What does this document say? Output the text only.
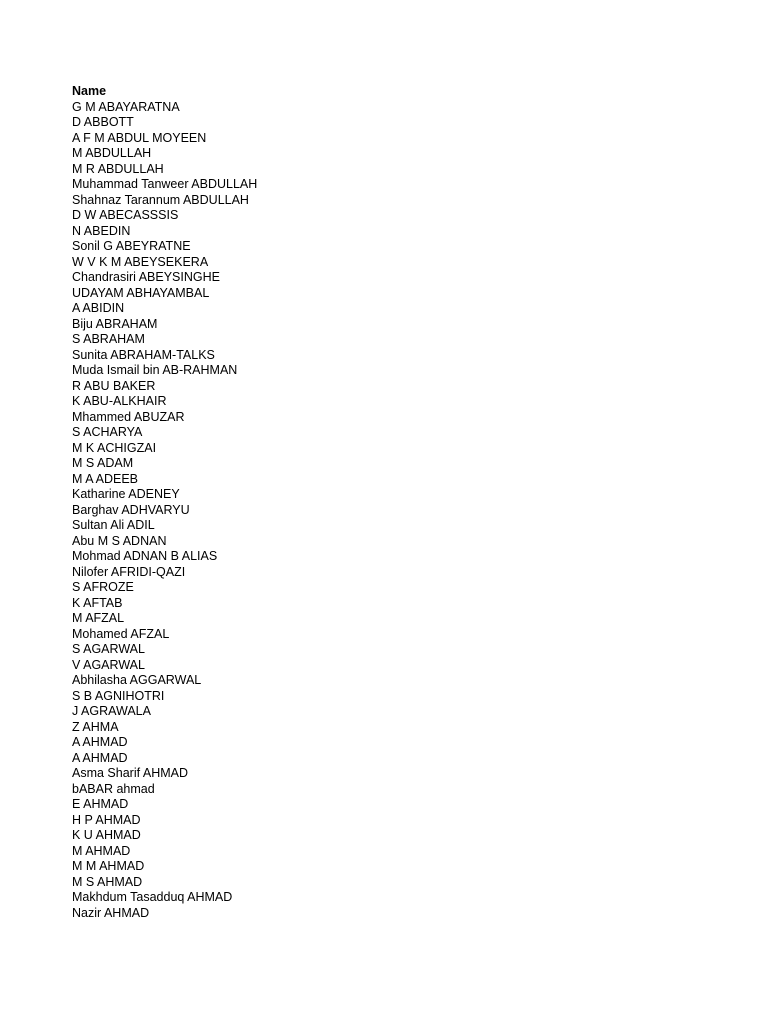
Name
G M ABAYARATNA
D ABBOTT
A F M ABDUL MOYEEN
M ABDULLAH
M R ABDULLAH
Muhammad Tanweer ABDULLAH
Shahnaz Tarannum ABDULLAH
D W ABECASSSIS
N ABEDIN
Sonil G ABEYRATNE
W V K M ABEYSEKERA
Chandrasiri ABEYSINGHE
UDAYAM ABHAYAMBAL
A ABIDIN
Biju ABRAHAM
S ABRAHAM
Sunita ABRAHAM-TALKS
Muda Ismail bin AB-RAHMAN
R ABU BAKER
K ABU-ALKHAIR
Mhammed ABUZAR
S ACHARYA
M K ACHIGZAI
M S ADAM
M A ADEEB
Katharine ADENEY
Barghav ADHVARYU
Sultan Ali ADIL
Abu M S ADNAN
Mohmad ADNAN B ALIAS
Nilofer AFRIDI-QAZI
S AFROZE
K AFTAB
M AFZAL
Mohamed AFZAL
S AGARWAL
V AGARWAL
Abhilasha AGGARWAL
S B AGNIHOTRI
J AGRAWALA
Z AHMA
A AHMAD
A AHMAD
Asma Sharif AHMAD
bABAR ahmad
E AHMAD
H P AHMAD
K U AHMAD
M AHMAD
M M AHMAD
M S AHMAD
Makhdum Tasadduq AHMAD
Nazir AHMAD
